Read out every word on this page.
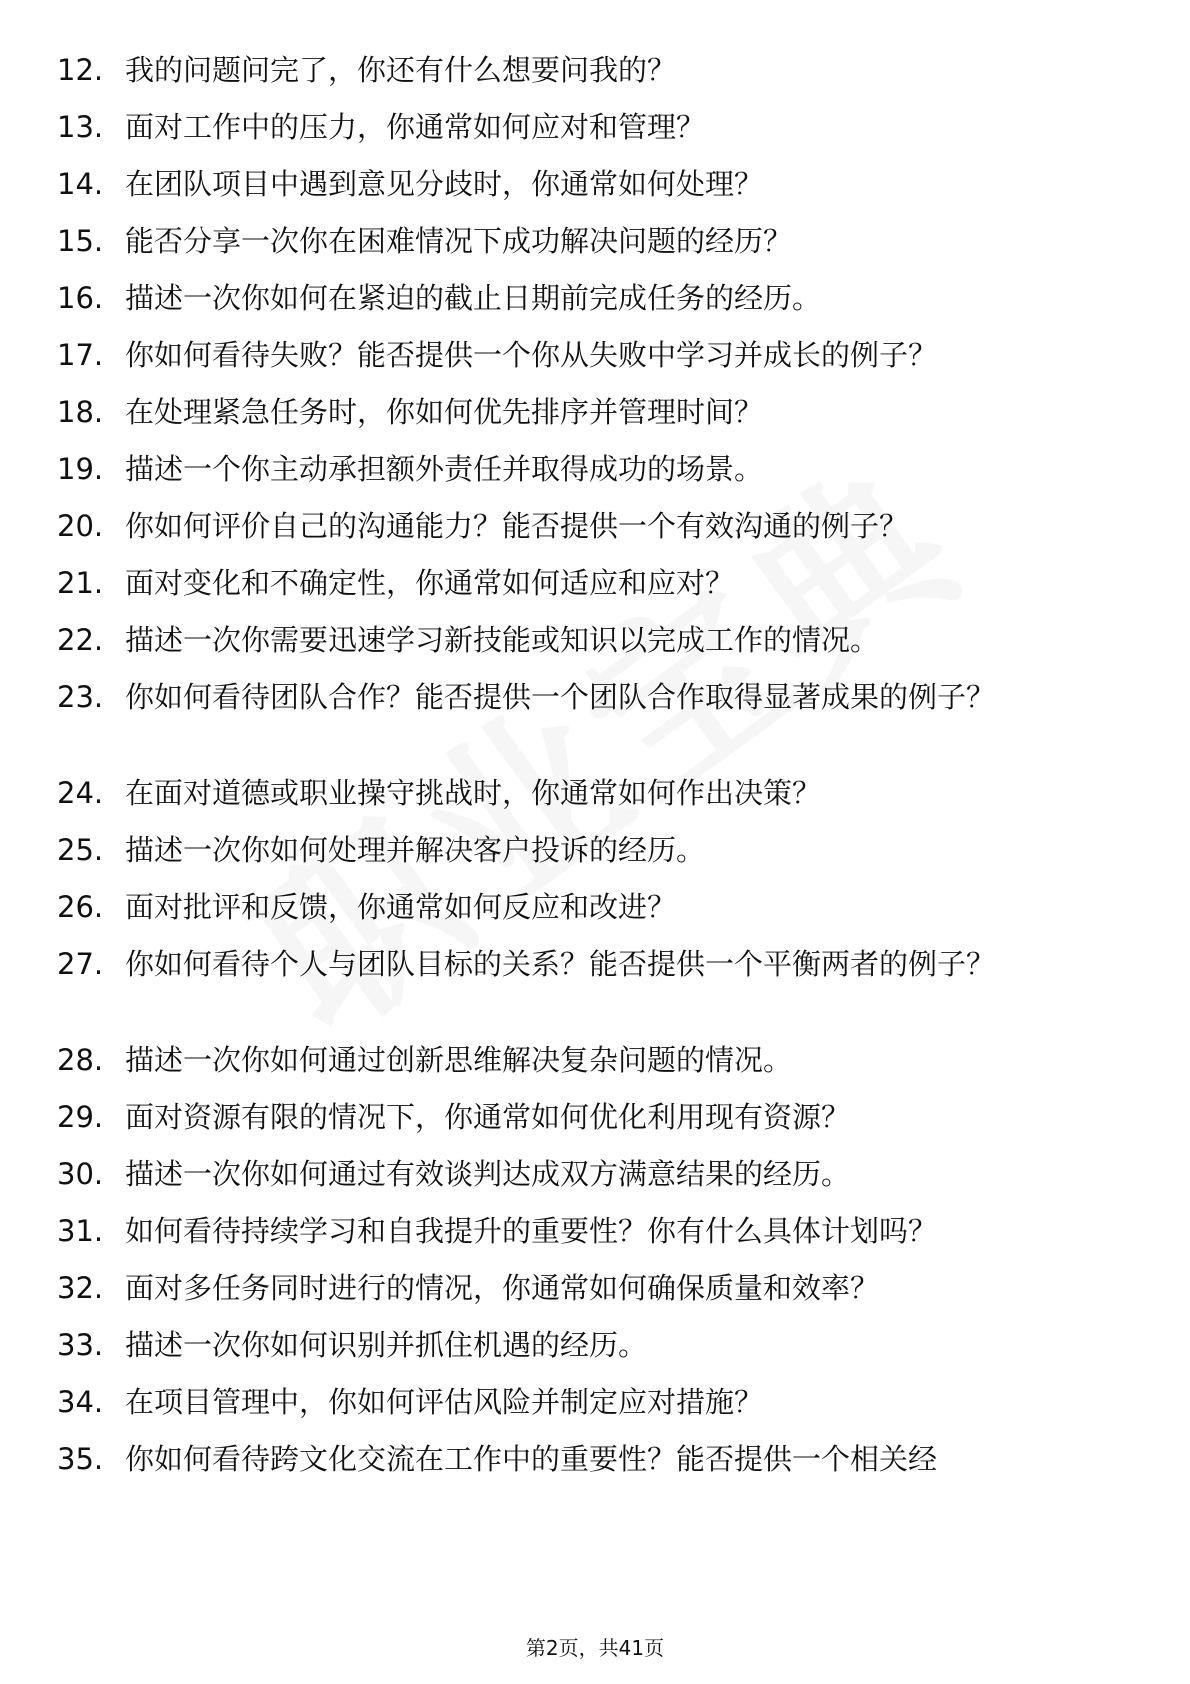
12. 我的问题问完了，你还有什么想要问我的？
13. 面对工作中的压力，你通常如何应对和管理？
14. 在团队项目中遇到意见分歧时，你通常如何处理？
15. 能否分享一次你在困难情况下成功解决问题的经历？
16. 描述一次你如何在紧迫的截止日期前完成任务的经历。
17. 你如何看待失败？能否提供一个你从失败中学习并成长的例子？
18. 在处理紧急任务时，你如何优先排序并管理时间？
19. 描述一个你主动承担额外责任并取得成功的场景。
20. 你如何评价自己的沟通能力？能否提供一个有效沟通的例子？
21. 面对变化和不确定性，你通常如何适应和应对？
22. 描述一次你需要迅速学习新技能或知识以完成工作的情况。
23. 你如何看待团队合作？能否提供一个团队合作取得显著成果的例子？
24. 在面对道德或职业操守挑战时，你通常如何作出决策？
25. 描述一次你如何处理并解决客户投诉的经历。
26. 面对批评和反馈，你通常如何反应和改进？
27. 你如何看待个人与团队目标的关系？能否提供一个平衡两者的例子？
28. 描述一次你如何通过创新思维解决复杂问题的情况。
29. 面对资源有限的情况下，你通常如何优化利用现有资源？
30. 描述一次你如何通过有效谈判达成双方满意结果的经历。
31. 如何看待持续学习和自我提升的重要性？你有什么具体计划吗？
32. 面对多任务同时进行的情况，你通常如何确保质量和效率？
33. 描述一次你如何识别并抓住机遇的经历。
34. 在项目管理中，你如何评估风险并制定应对措施？
35. 你如何看待跨文化交流在工作中的重要性？能否提供一个相关经
第2页，共41页
